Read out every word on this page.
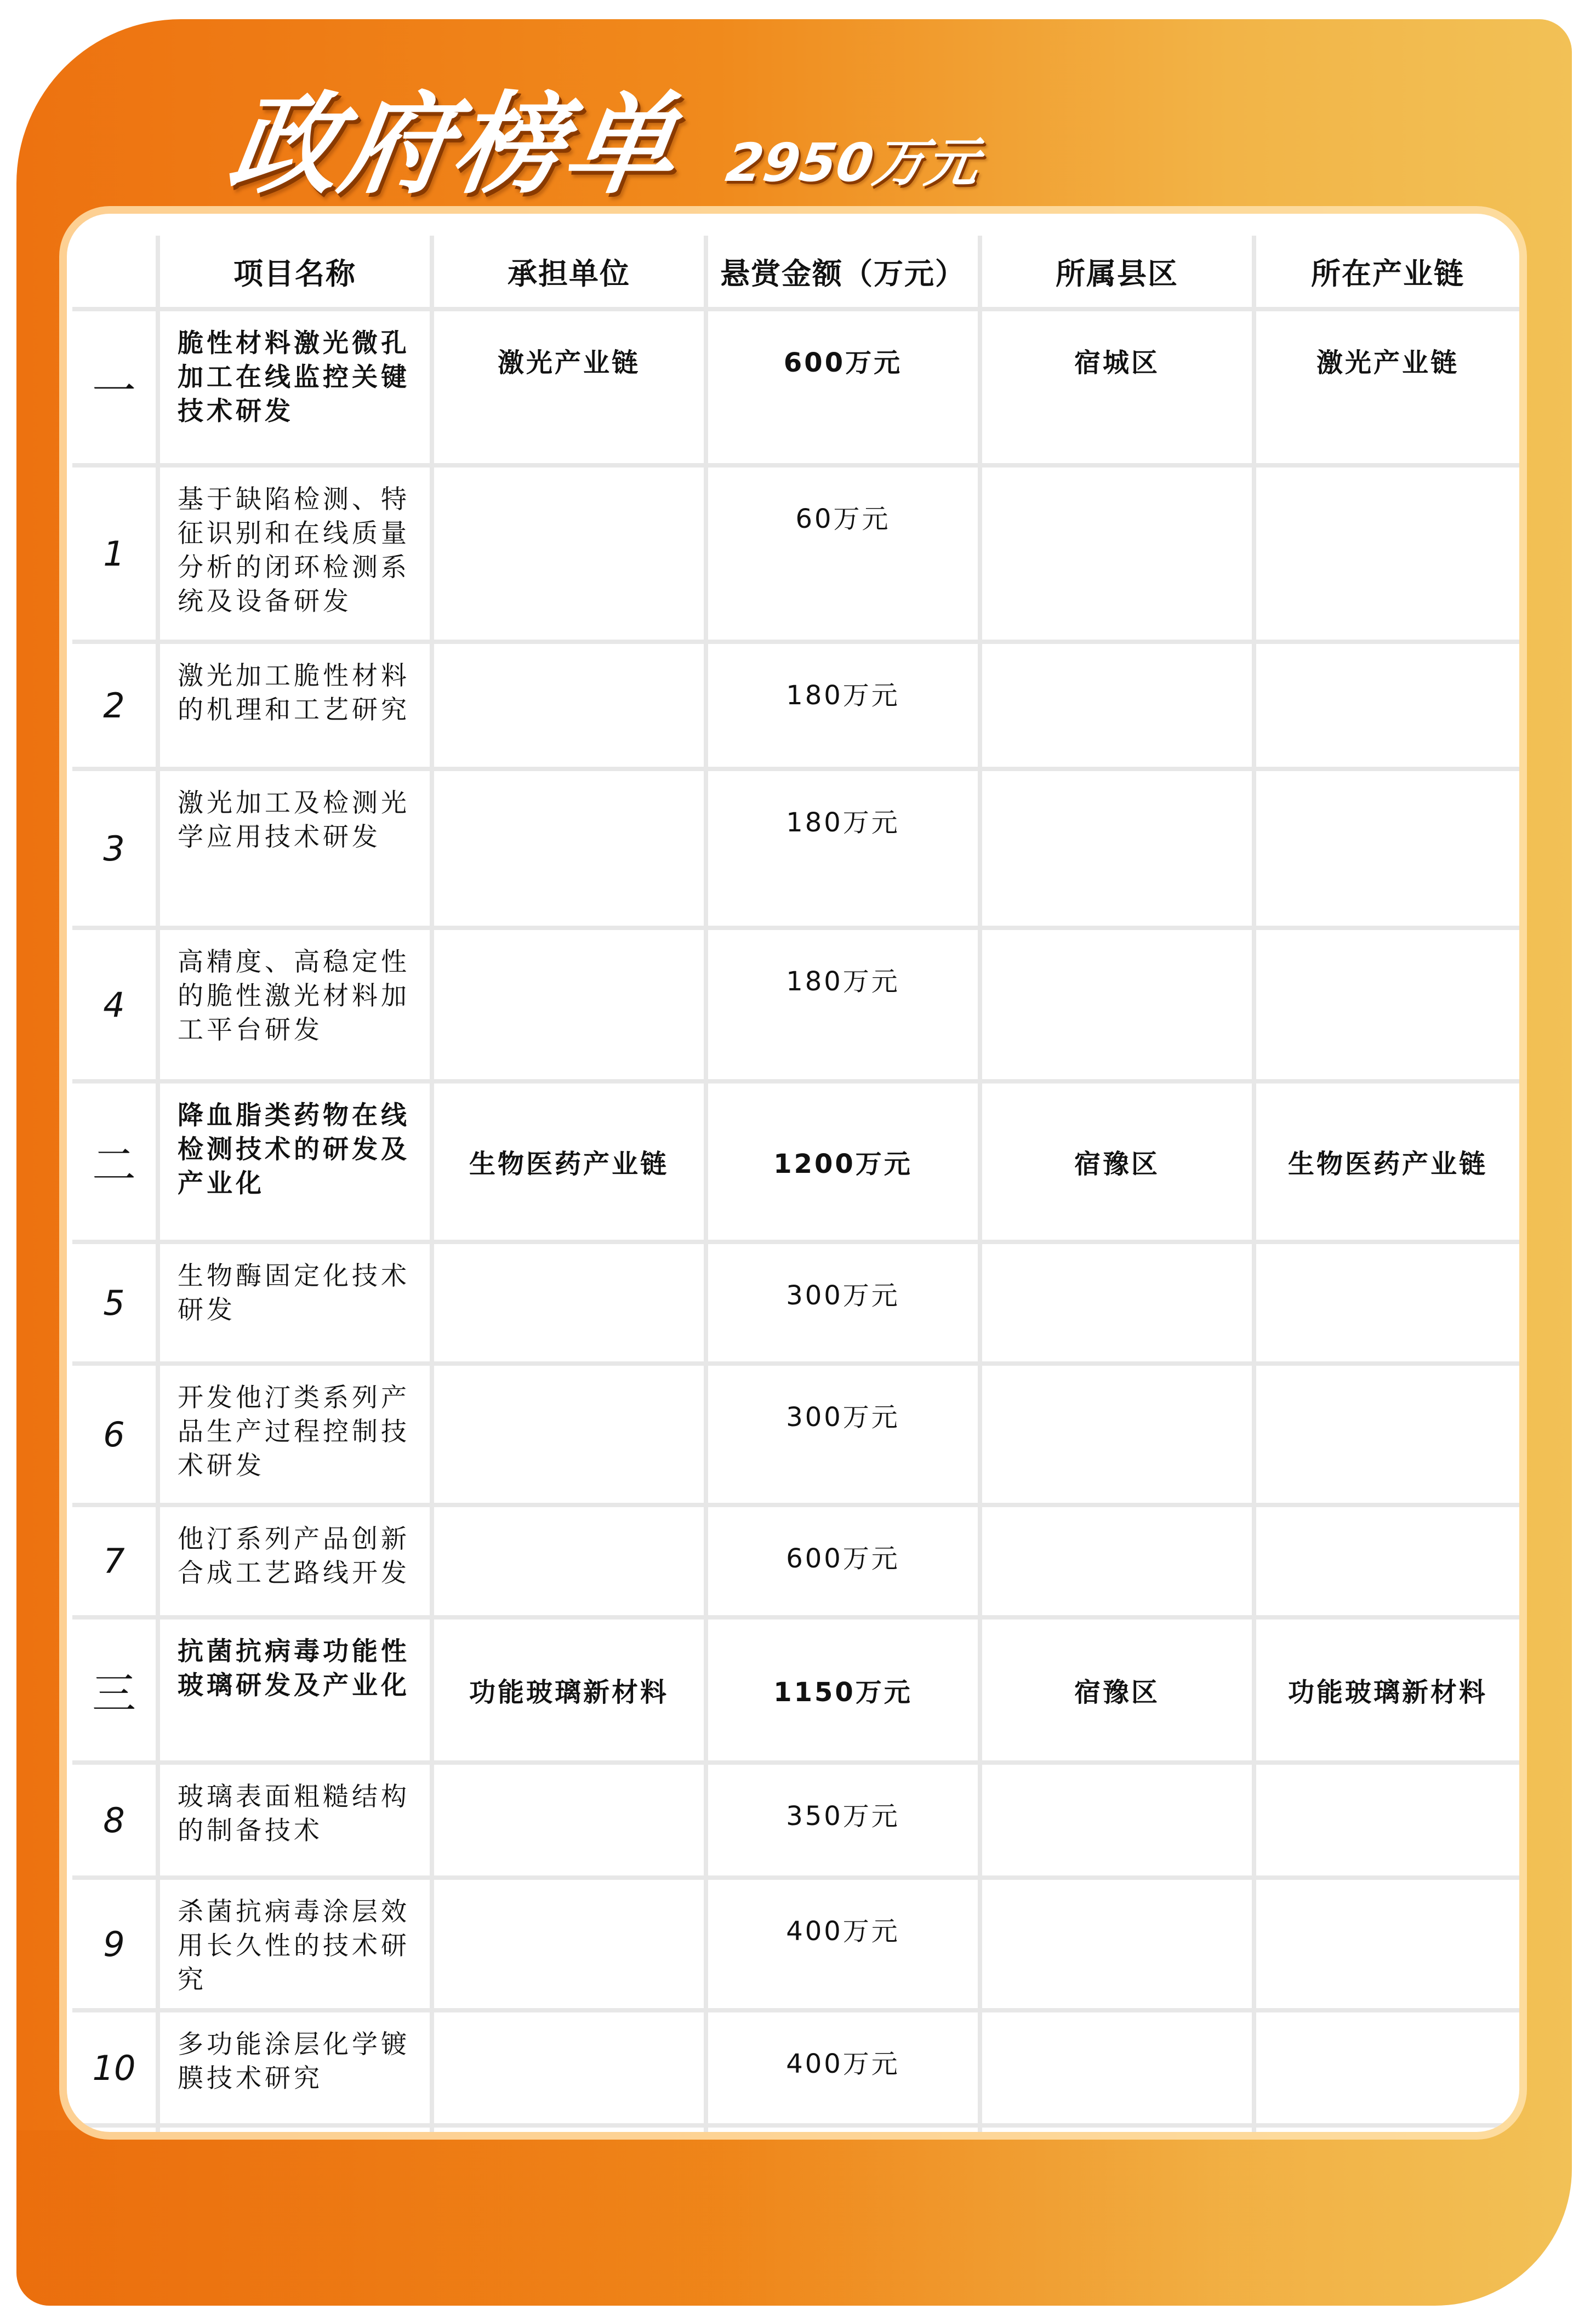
政府榜单 2950万元
	项目名称	承担单位	悬赏金额（万元）	所属县区	所在产业链
一	脆性材料激光微孔加工在线监控关键技术研发	激光产业链	600万元	宿城区	激光产业链
1	基于缺陷检测、特征识别和在线质量分析的闭环检测系统及设备研发		60万元		
2	激光加工脆性材料的机理和工艺研究		180万元		
3	激光加工及检测光学应用技术研发		180万元		
4	高精度、高稳定性的脆性激光材料加工平台研发		180万元		
二	降血脂类药物在线检测技术的研发及产业化	生物医药产业链	1200万元	宿豫区	生物医药产业链
5	生物酶固定化技术研发		300万元		
6	开发他汀类系列产品生产过程控制技术研发		300万元		
7	他汀系列产品创新合成工艺路线开发		600万元		
三	抗菌抗病毒功能性玻璃研发及产业化	功能玻璃新材料	1150万元	宿豫区	功能玻璃新材料
8	玻璃表面粗糙结构的制备技术		350万元		
9	杀菌抗病毒涂层效用长久性的技术研究		400万元		
10	多功能涂层化学镀膜技术研究		400万元		
